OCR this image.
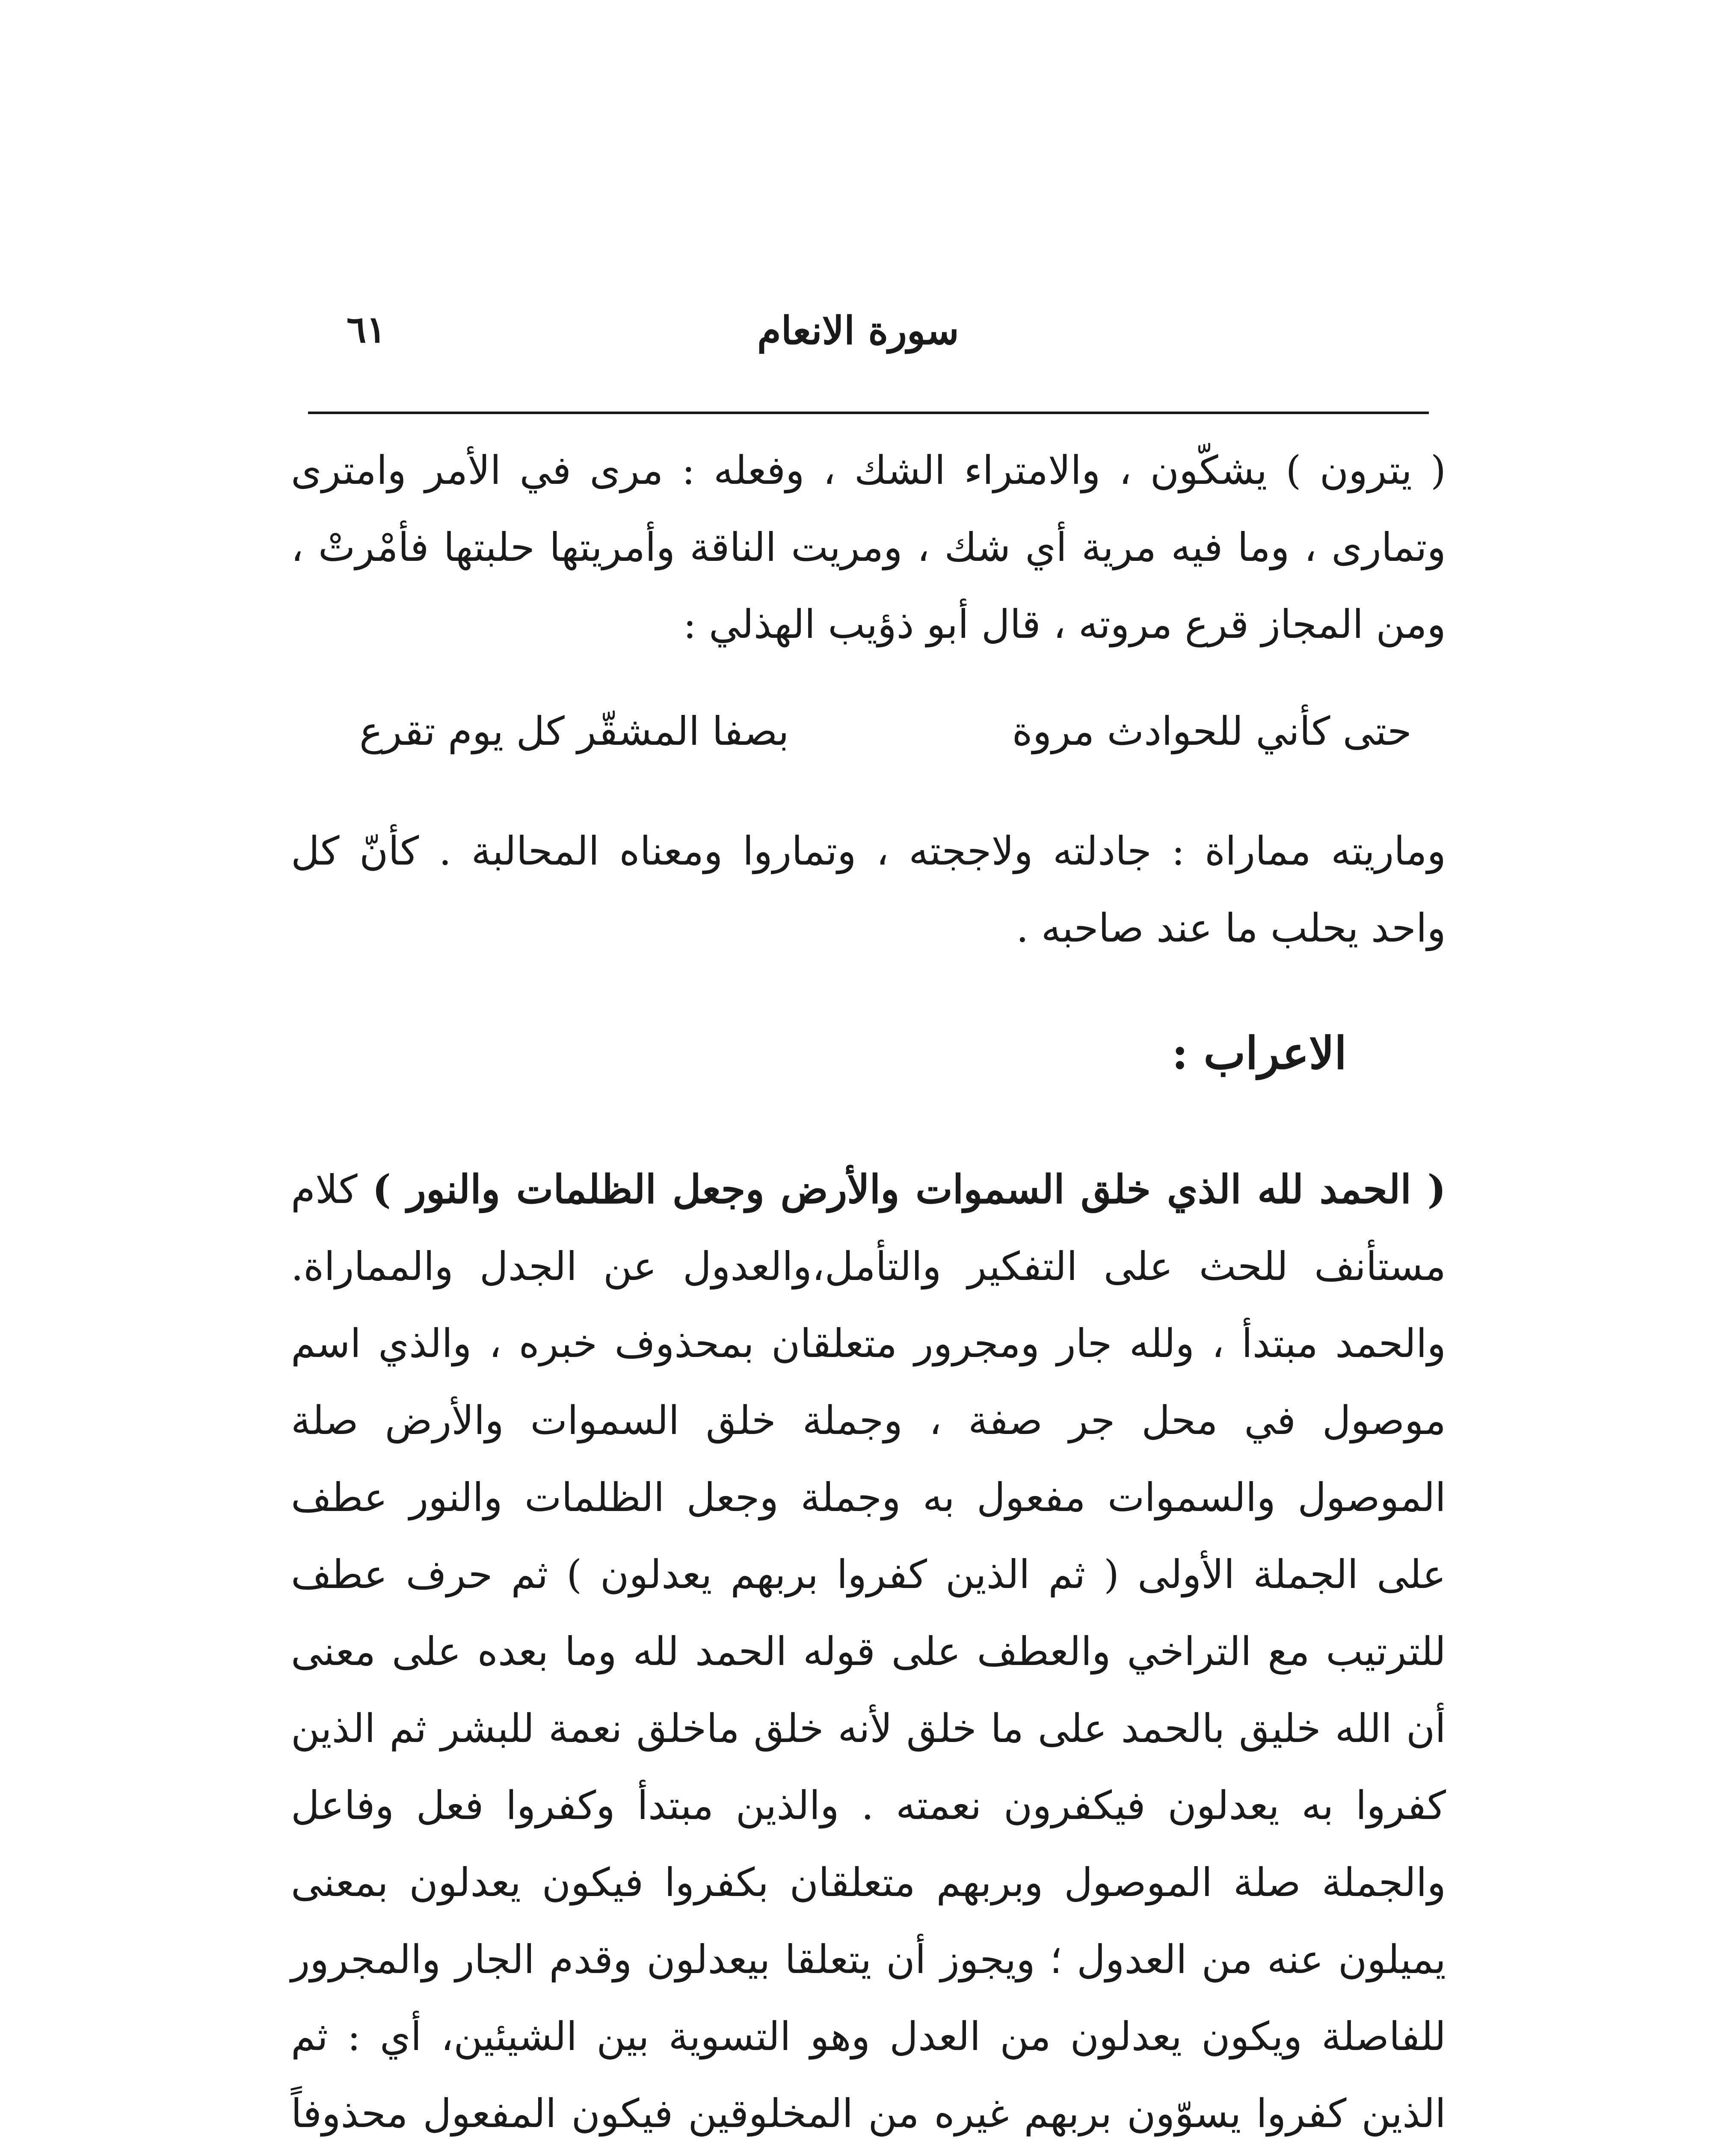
٦١	سورة الانعام
( يترون ) يشكّون ، والامتراء الشك ، وفعله : مرى في الأمر وامترى وتمارى ، وما فيه مرية أي شك ، ومريت الناقة وأمريتها حلبتها فأمْرتْ ، ومن المجاز قرع مروته ، قال أبو ذؤيب الهذلي :
حتى كأني للحوادث مروة
بصفا المشقّر كل يوم تقرع
وماريته مماراة : جادلته ولاججته ، وتماروا ومعناه المحالبة . كأنّ كل واحد يحلب ما عند صاحبه .
الاعراب :
( الحمد لله الذي خلق السموات والأرض وجعل الظلمات والنور ) كلام مستأنف للحث على التفكير والتأمل،والعدول عن الجدل والمماراة. والحمد مبتدأ ، ولله جار ومجرور متعلقان بمحذوف خبره ، والذي اسم موصول في محل جر صفة ، وجملة خلق السموات والأرض صلة الموصول والسموات مفعول به وجملة وجعل الظلمات والنور عطف على الجملة الأولى ( ثم الذين كفروا بربهم يعدلون ) ثم حرف عطف للترتيب مع التراخي والعطف على قوله الحمد لله وما بعده على معنى أن الله خليق بالحمد على ما خلق لأنه خلق ماخلق نعمة للبشر ثم الذين كفروا به يعدلون فيكفرون نعمته . والذين مبتدأ وكفروا فعل وفاعل والجملة صلة الموصول وبربهم متعلقان بكفروا فيكون يعدلون بمعنى يميلون عنه من العدول ؛ ويجوز أن يتعلقا بيعدلون وقدم الجار والمجرور للفاصلة ويكون يعدلون من العدل وهو التسوية بين الشيئين، أي : ثم الذين كفروا يسوّون بربهم غيره من المخلوقين فيكون المفعول محذوفاً
